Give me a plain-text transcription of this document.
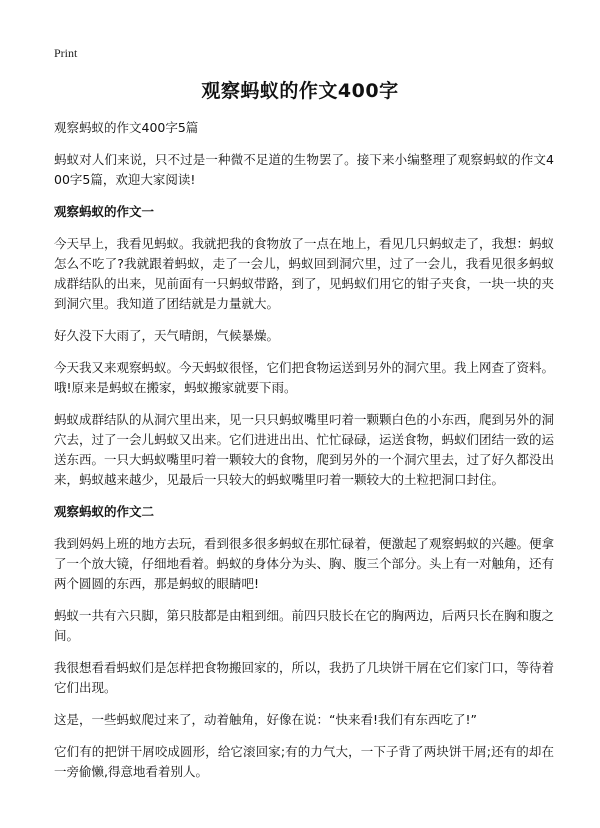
Print
观察蚂蚁的作文400字
观察蚂蚁的作文400字5篇

蚂蚁对人们来说，只不过是一种微不足道的生物罢了。接下来小编整理了观察蚂蚁的作文400字5篇，欢迎大家阅读!

观察蚂蚁的作文一

今天早上，我看见蚂蚁。我就把我的食物放了一点在地上，看见几只蚂蚁走了，我想：蚂蚁怎么不吃了?我就跟着蚂蚁，走了一会儿，蚂蚁回到洞穴里，过了一会儿，我看见很多蚂蚁成群结队的出来，见前面有一只蚂蚁带路，到了，见蚂蚁们用它的钳子夹食，一块一块的夹到洞穴里。我知道了团结就是力量就大。

好久没下大雨了，天气晴朗，气候暴燥。

今天我又来观察蚂蚁。今天蚂蚁很怪，它们把食物运送到另外的洞穴里。我上网查了资料。哦!原来是蚂蚁在搬家，蚂蚁搬家就要下雨。

蚂蚁成群结队的从洞穴里出来，见一只只蚂蚁嘴里叼着一颗颗白色的小东西，爬到另外的洞穴去，过了一会儿蚂蚁又出来。它们进进出出、忙忙碌碌，运送食物，蚂蚁们团结一致的运送东西。一只大蚂蚁嘴里叼着一颗较大的食物，爬到另外的一个洞穴里去，过了好久都没出来，蚂蚁越来越少，见最后一只较大的蚂蚁嘴里叼着一颗较大的土粒把洞口封住。

观察蚂蚁的作文二

我到妈妈上班的地方去玩，看到很多很多蚂蚁在那忙碌着，便激起了观察蚂蚁的兴趣。便拿了一个放大镜，仔细地看着。蚂蚁的身体分为头、胸、腹三个部分。头上有一对触角，还有两个圆圆的东西，那是蚂蚁的眼睛吧!

蚂蚁一共有六只脚，第只肢都是由粗到细。前四只肢长在它的胸两边，后两只长在胸和腹之间。

我很想看看蚂蚁们是怎样把食物搬回家的，所以，我扔了几块饼干屑在它们家门口，等待着它们出现。

这是，一些蚂蚁爬过来了，动着触角，好像在说：“快来看!我们有东西吃了!”

它们有的把饼干屑咬成圆形，给它滚回家;有的力气大，一下子背了两块饼干屑;还有的却在一旁偷懒,得意地看着别人。
